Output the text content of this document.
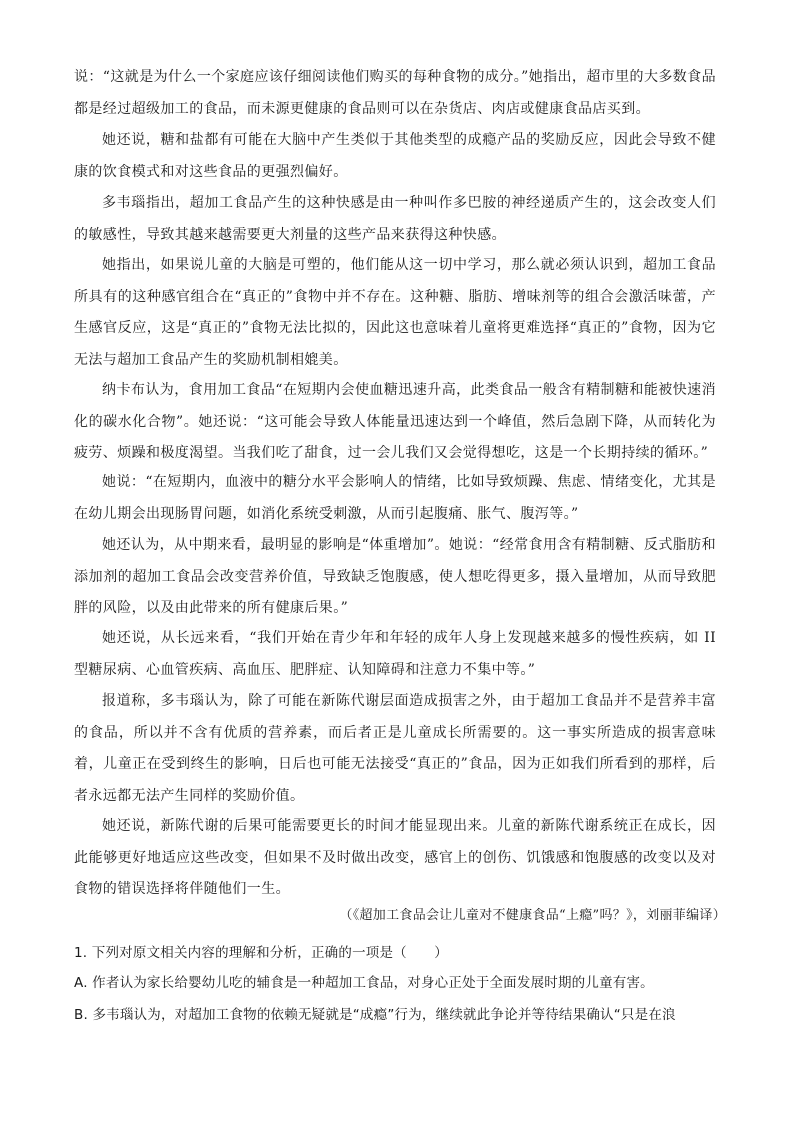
说：“这就是为什么一个家庭应该仔细阅读他们购买的每种食物的成分。”她指出，超市里的大多数食品都是经过超级加工的食品，而未源更健康的食品则可以在杂货店、肉店或健康食品店买到。

她还说，糖和盐都有可能在大脑中产生类似于其他类型的成瘾产品的奖励反应，因此会导致不健康的饮食模式和对这些食品的更强烈偏好。

多韦瑙指出，超加工食品产生的这种快感是由一种叫作多巴胺的神经递质产生的，这会改变人们的敏感性，导致其越来越需要更大剂量的这些产品来获得这种快感。

她指出，如果说儿童的大脑是可塑的，他们能从这一切中学习，那么就必须认识到，超加工食品所具有的这种感官组合在“真正的”食物中并不存在。这种糖、脂肪、增味剂等的组合会激活味蕾，产生感官反应，这是“真正的”食物无法比拟的，因此这也意味着儿童将更难选择“真正的”食物，因为它无法与超加工食品产生的奖励机制相媲美。

纳卡布认为，食用加工食品“在短期内会使血糖迅速升高，此类食品一般含有精制糖和能被快速消化的碳水化合物”。她还说：“这可能会导致人体能量迅速达到一个峰值，然后急剧下降，从而转化为疲劳、烦躁和极度渴望。当我们吃了甜食，过一会儿我们又会觉得想吃，这是一个长期持续的循环。”

她说：“在短期内，血液中的糖分水平会影响人的情绪，比如导致烦躁、焦虑、情绪变化，尤其是在幼儿期会出现肠胃问题，如消化系统受刺激，从而引起腹痛、胀气、腹泻等。”

她还认为，从中期来看，最明显的影响是“体重增加”。她说：“经常食用含有精制糖、反式脂肪和添加剂的超加工食品会改变营养价值，导致缺乏饱腹感，使人想吃得更多，摄入量增加，从而导致肥胖的风险，以及由此带来的所有健康后果。”

她还说，从长远来看，“我们开始在青少年和年轻的成年人身上发现越来越多的慢性疾病，如 II 型糖尿病、心血管疾病、高血压、肥胖症、认知障碍和注意力不集中等。”

报道称，多韦瑙认为，除了可能在新陈代谢层面造成损害之外，由于超加工食品并不是营养丰富的食品，所以并不含有优质的营养素，而后者正是儿童成长所需要的。这一事实所造成的损害意味着，儿童正在受到终生的影响，日后也可能无法接受“真正的”食品，因为正如我们所看到的那样，后者永远都无法产生同样的奖励价值。

她还说，新陈代谢的后果可能需要更长的时间才能显现出来。儿童的新陈代谢系统正在成长，因此能够更好地适应这些改变，但如果不及时做出改变，感官上的创伤、饥饿感和饱腹感的改变以及对食物的错误选择将伴随他们一生。

（《超加工食品会让儿童对不健康食品“上瘾”吗？》，刘丽菲编译）

1. 下列对原文相关内容的理解和分析，正确的一项是（　　）

A. 作者认为家长给婴幼儿吃的辅食是一种超加工食品，对身心正处于全面发展时期的儿童有害。

B. 多韦瑙认为，对超加工食物的依赖无疑就是“成瘾”行为，继续就此争论并等待结果确认“只是在浪
